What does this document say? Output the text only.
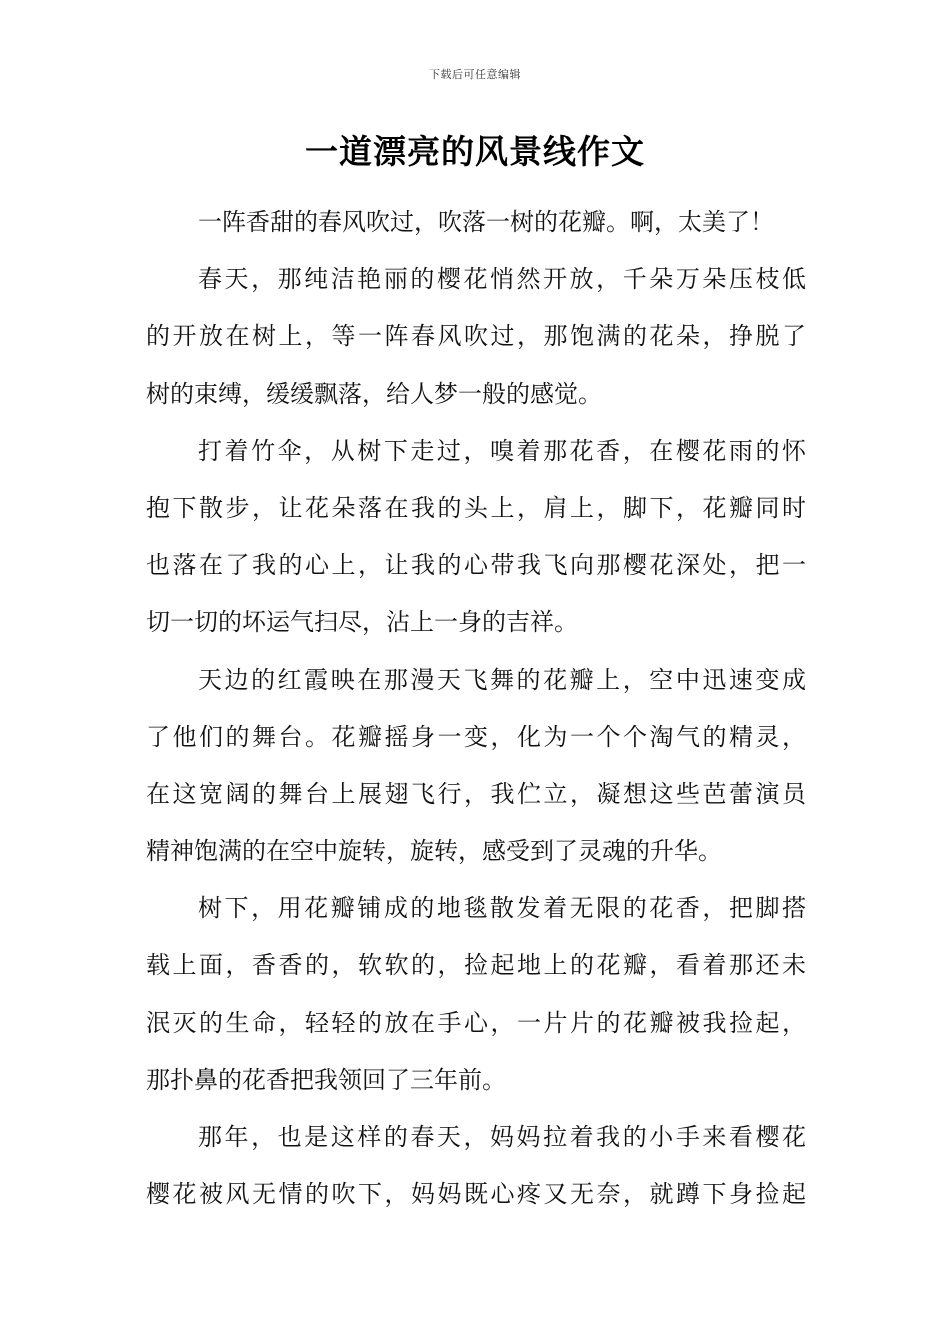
下载后可任意编辑
一道漂亮的风景线作文
一阵香甜的春风吹过，吹落一树的花瓣。啊，太美了！
春天，那纯洁艳丽的樱花悄然开放，千朵万朵压枝低
的开放在树上，等一阵春风吹过，那饱满的花朵，挣脱了
树的束缚，缓缓飘落，给人梦一般的感觉。
打着竹伞，从树下走过，嗅着那花香，在樱花雨的怀
抱下散步，让花朵落在我的头上，肩上，脚下，花瓣同时
也落在了我的心上，让我的心带我飞向那樱花深处，把一
切一切的坏运气扫尽，沾上一身的吉祥。
天边的红霞映在那漫天飞舞的花瓣上，空中迅速变成
了他们的舞台。花瓣摇身一变，化为一个个淘气的精灵，
在这宽阔的舞台上展翅飞行，我伫立，凝想这些芭蕾演员
精神饱满的在空中旋转，旋转，感受到了灵魂的升华。
树下，用花瓣铺成的地毯散发着无限的花香，把脚搭
载上面，香香的，软软的，捡起地上的花瓣，看着那还未
泯灭的生命，轻轻的放在手心，一片片的花瓣被我捡起，
那扑鼻的花香把我领回了三年前。
那年，也是这样的春天，妈妈拉着我的小手来看樱花
樱花被风无情的吹下，妈妈既心疼又无奈，就蹲下身捡起
